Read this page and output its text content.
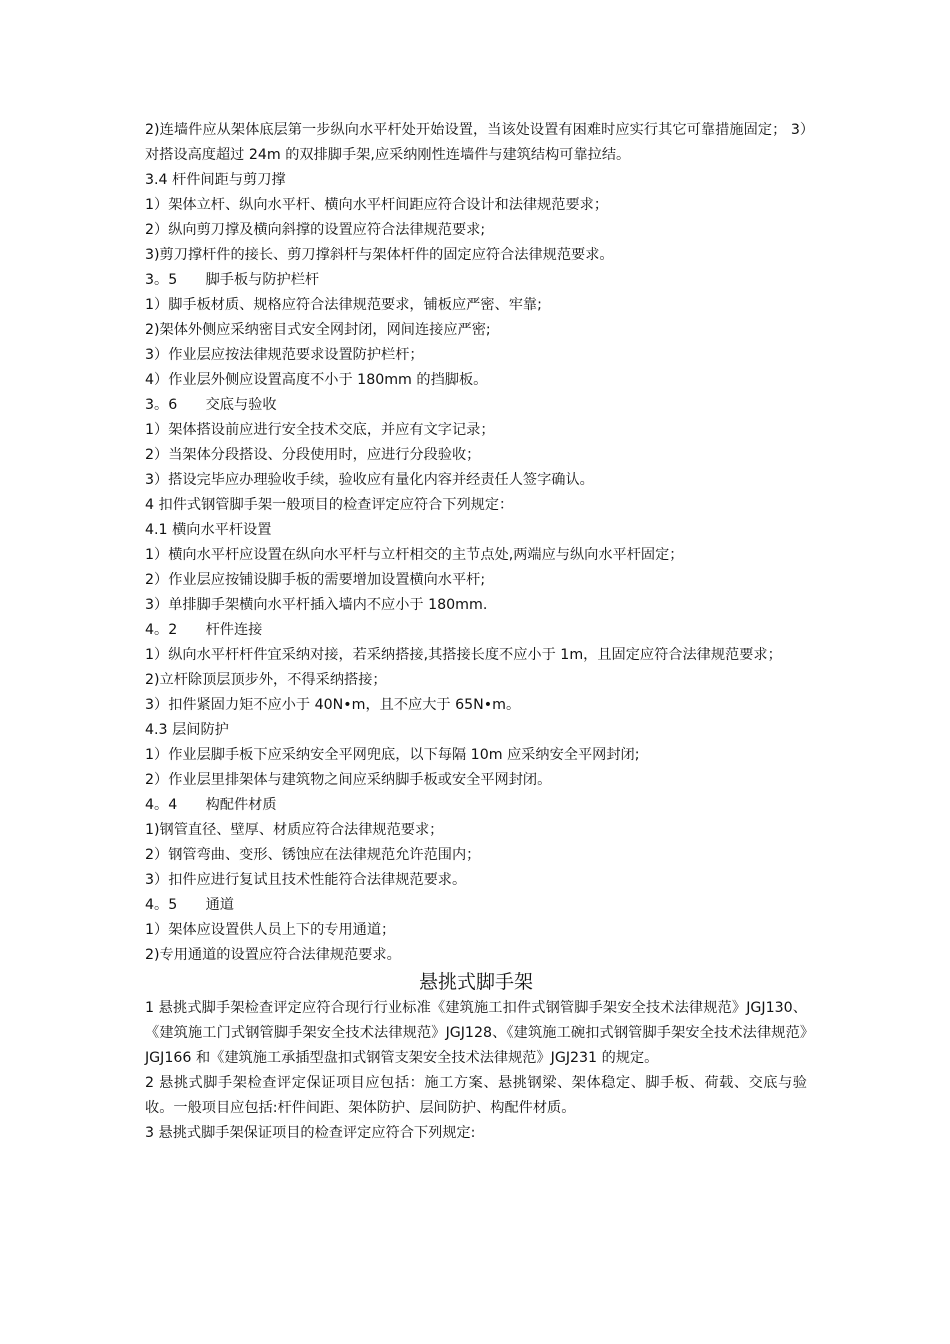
2)连墙件应从架体底层第一步纵向水平杆处开始设置，当该处设置有困难时应实行其它可靠措施固定； 3）对搭设高度超过 24m 的双排脚手架,应采纳刚性连墙件与建筑结构可靠拉结。
3.4 杆件间距与剪刀撑
1）架体立杆、纵向水平杆、横向水平杆间距应符合设计和法律规范要求；
2）纵向剪刀撑及横向斜撑的设置应符合法律规范要求;
3)剪刀撑杆件的接长、剪刀撑斜杆与架体杆件的固定应符合法律规范要求。
3。5　　脚手板与防护栏杆
1）脚手板材质、规格应符合法律规范要求，铺板应严密、牢靠;
2)架体外侧应采纳密目式安全网封闭，网间连接应严密;
3）作业层应按法律规范要求设置防护栏杆；
4）作业层外侧应设置高度不小于 180mm 的挡脚板。
3。6　　交底与验收
1）架体搭设前应进行安全技术交底，并应有文字记录；
2）当架体分段搭设、分段使用时，应进行分段验收；
3）搭设完毕应办理验收手续，验收应有量化内容并经责任人签字确认。
4 扣件式钢管脚手架一般项目的检查评定应符合下列规定：
4.1 横向水平杆设置
1）横向水平杆应设置在纵向水平杆与立杆相交的主节点处,两端应与纵向水平杆固定；
2）作业层应按铺设脚手板的需要增加设置横向水平杆;
3）单排脚手架横向水平杆插入墙内不应小于 180mm.
4。2　　杆件连接
1）纵向水平杆杆件宜采纳对接，若采纳搭接,其搭接长度不应小于 1m，且固定应符合法律规范要求；
2)立杆除顶层顶步外，不得采纳搭接；
3）扣件紧固力矩不应小于 40N•m，且不应大于 65N•m。
4.3 层间防护
1）作业层脚手板下应采纳安全平网兜底，以下每隔 10m 应采纳安全平网封闭;
2）作业层里排架体与建筑物之间应采纳脚手板或安全平网封闭。
4。4　　构配件材质
1)钢管直径、壁厚、材质应符合法律规范要求；
2）钢管弯曲、变形、锈蚀应在法律规范允许范围内；
3）扣件应进行复试且技术性能符合法律规范要求。
4。5　　通道
1）架体应设置供人员上下的专用通道；
2)专用通道的设置应符合法律规范要求。
悬挑式脚手架
1 悬挑式脚手架检查评定应符合现行行业标准《建筑施工扣件式钢管脚手架安全技术法律规范》JGJ130、《建筑施工门式钢管脚手架安全技术法律规范》JGJ128、《建筑施工碗扣式钢管脚手架安全技术法律规范》JGJ166 和《建筑施工承插型盘扣式钢管支架安全技术法律规范》JGJ231 的规定。
2 悬挑式脚手架检查评定保证项目应包括：施工方案、悬挑钢梁、架体稳定、脚手板、荷载、交底与验收。一般项目应包括:杆件间距、架体防护、层间防护、构配件材质。
3 悬挑式脚手架保证项目的检查评定应符合下列规定:
